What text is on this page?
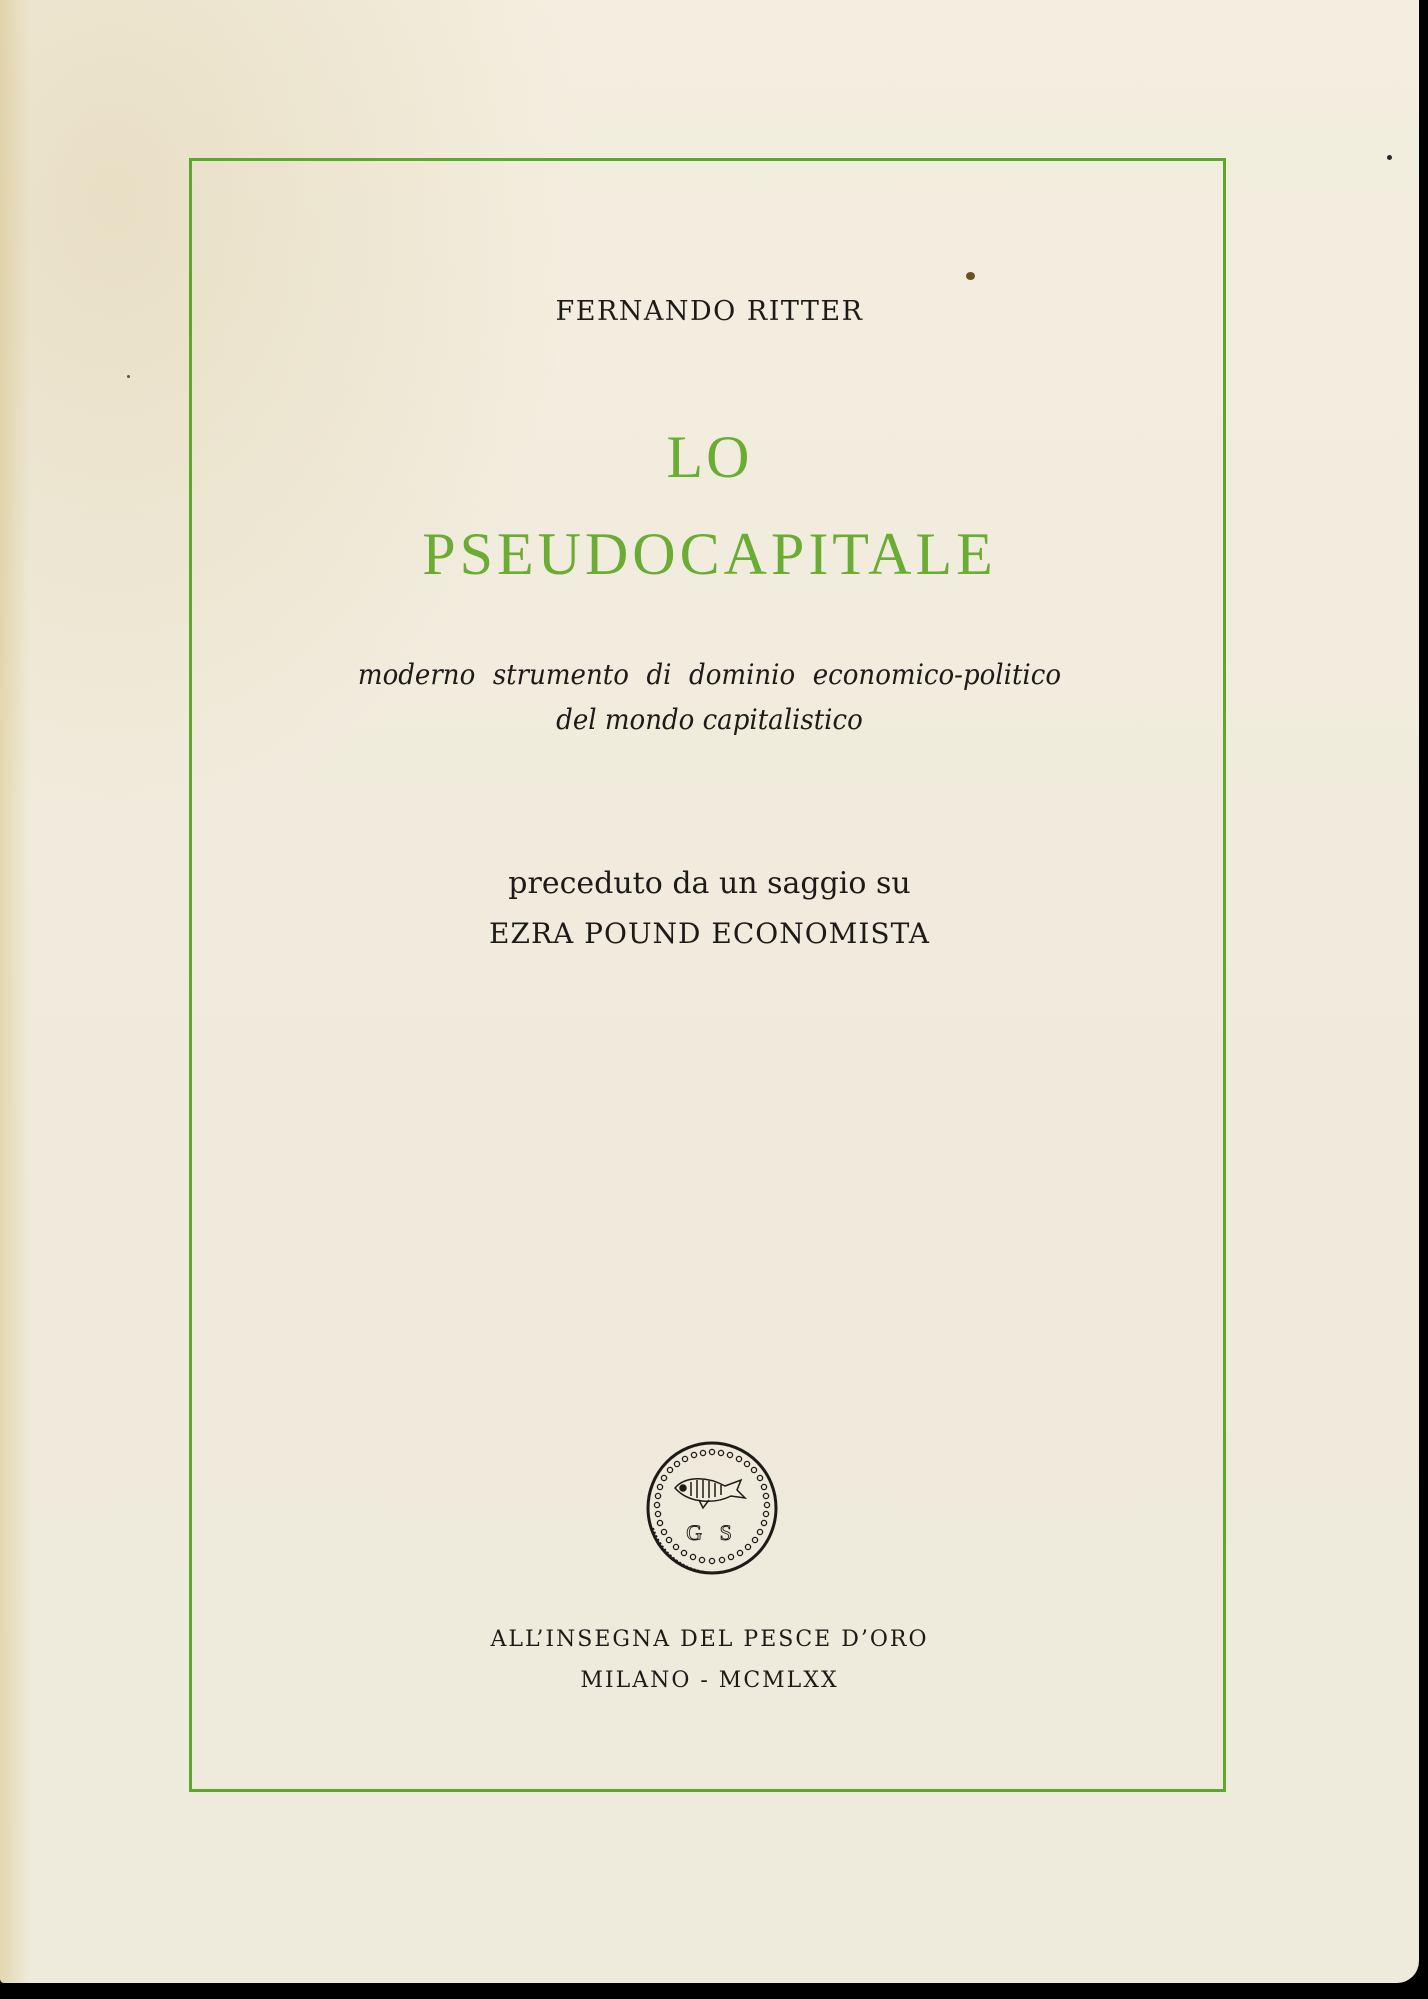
FERNANDO RITTER
LO
PSEUDOCAPITALE
moderno strumento di dominio economico-politico
del mondo capitalistico
preceduto da un saggio su
EZRA POUND ECONOMISTA
G S
ALL’INSEGNA DEL PESCE D’ORO
MILANO - MCMLXX
